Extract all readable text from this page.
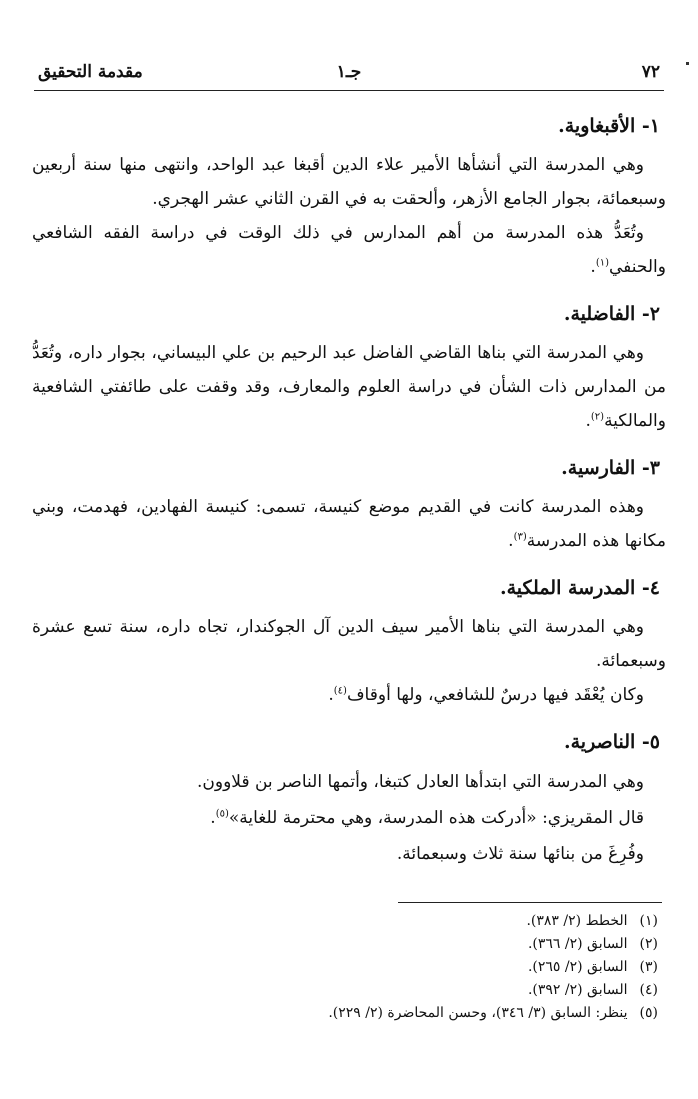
٧٢
جـ١
مقدمة التحقيق
١- الأقبغاوية.

وهي المدرسة التي أنشأها الأمير علاء الدين أقبغا عبد الواحد، وانتهى منها سنة أربعين وسبعمائة، بجوار الجامع الأزهر، وألحقت به في القرن الثاني عشر الهجري.

وتُعَدُّ هذه المدرسة من أهم المدارس في ذلك الوقت في دراسة الفقه الشافعي والحنفي$^{(١)}$.

٢- الفاضلية.

وهي المدرسة التي بناها القاضي الفاضل عبد الرحيم بن علي البيساني، بجوار داره، وتُعَدُّ من المدارس ذات الشأن في دراسة العلوم والمعارف، وقد وقفت على طائفتي الشافعية والمالكية$^{(٢)}$.

٣- الفارسية.

وهذه المدرسة كانت في القديم موضع كنيسة، تسمى: كنيسة الفهادين، فهدمت، وبني مكانها هذه المدرسة$^{(٣)}$.

٤- المدرسة الملكية.

وهي المدرسة التي بناها الأمير سيف الدين آل الجوكندار، تجاه داره، سنة تسع عشرة وسبعمائة.

وكان يُعْقَد فيها درسٌ للشافعي، ولها أوقاف$^{(٤)}$.

٥- الناصرية.

وهي المدرسة التي ابتدأها العادل كتبغا، وأتمها الناصر بن قلاوون.

قال المقريزي: «أدركت هذه المدرسة، وهي محترمة للغاية»$^{(٥)}$.

وفُرِغَ من بنائها سنة ثلاث وسبعمائة.

(١) الخطط (٢/ ٣٨٣).
(٢) السابق (٢/ ٣٦٦).
(٣) السابق (٢/ ٢٦٥).
(٤) السابق (٢/ ٣٩٢).
(٥) ينظر: السابق (٣/ ٣٤٦)، وحسن المحاضرة (٢/ ٢٢٩).
